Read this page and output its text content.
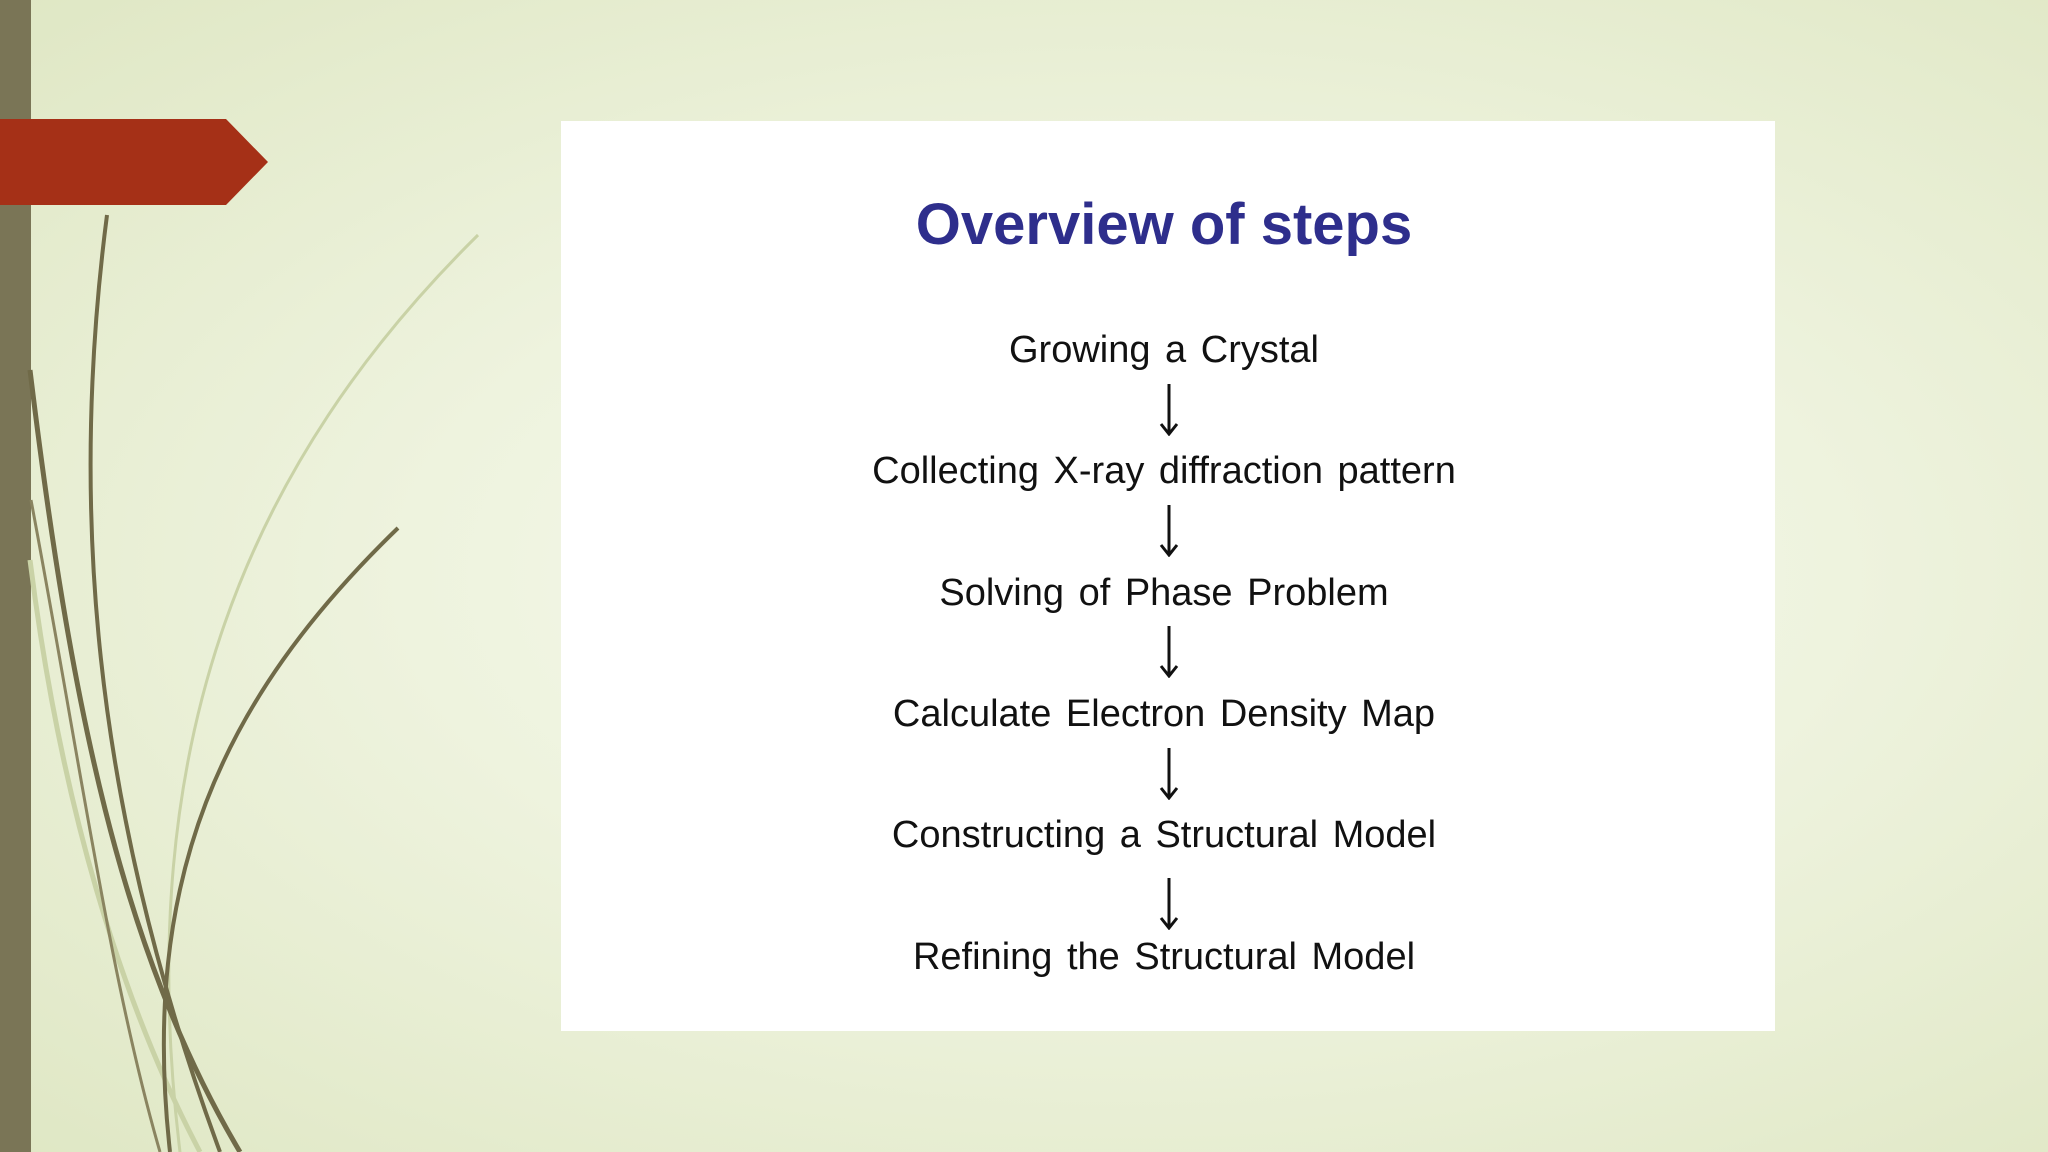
Overview of steps
Growing a Crystal
Collecting X-ray diffraction pattern
Solving of Phase Problem
Calculate Electron Density Map
Constructing a Structural Model
Refining the Structural Model
